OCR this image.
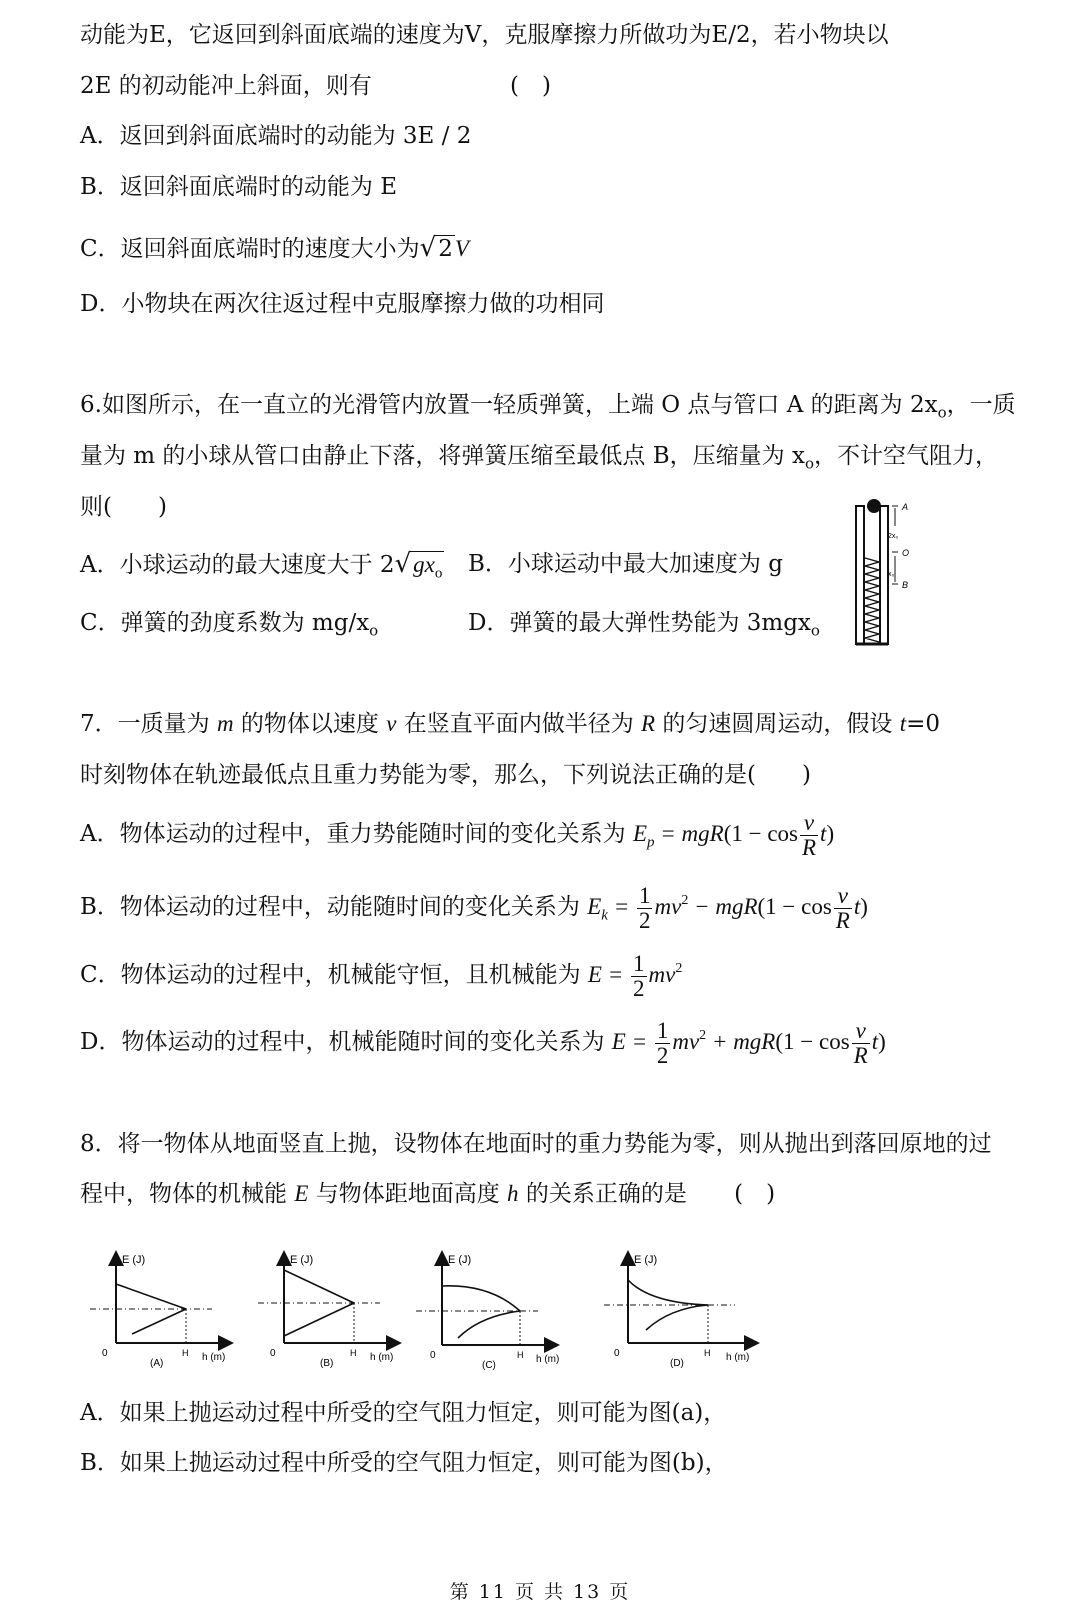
动能为E，它返回到斜面底端的速度为V，克服摩擦力所做功为E/2，若小物块以
2E 的初动能冲上斜面，则有	(　)
A．返回到斜面底端时的动能为 3E / 2
B．返回斜面底端时的动能为 E
C．返回斜面底端时的速度大小为√2V
D．小物块在两次往返过程中克服摩擦力做的功相同
6.如图所示，在一直立的光滑管内放置一轻质弹簧，上端 O 点与管口 A 的距离为 $2x_o$，一质
量为 m 的小球从管口由静止下落，将弹簧压缩至最低点 B，压缩量为 $x_o$，不计空气阻力，
则(　　)
A．小球运动的最大速度大于 $2√gx_o$ B．小球运动中最大加速度为 g
C．弹簧的劲度系数为 $mg/x_o$	D．弹簧的最大弹性势能为 3mgx$_o$
A
2x₀
O
x₀
B
7．一质量为 m 的物体以速度 v 在竖直平面内做半径为 R 的匀速圆周运动，假设 t=0
时刻物体在轨迹最低点且重力势能为零，那么，下列说法正确的是(　　)
A．物体运动的过程中，重力势能随时间的变化关系为 $E_p = mgR(1 - \cos \frac{v}{R} t)$
B．物体运动的过程中，动能随时间的变化关系为 $E_k = \frac{1}{2} mv^2 - mgR(1 - \cos \frac{v}{R} t)$
C．物体运动的过程中，机械能守恒，且机械能为 $E = \frac{1}{2} mv^2$
D．物体运动的过程中，机械能随时间的变化关系为 $E = \frac{1}{2} mv^2 + mgR(1 - \cos \frac{v}{R} t)$
8．将一物体从地面竖直上抛，设物体在地面时的重力势能为零，则从抛出到落回原地的过
程中，物体的机械能 E 与物体距地面高度 h 的关系正确的是 (　)
E (J)
0	H h (m)
(A)
E (J)
0	H h (m)
(B)
E (J)
0	H h (m)
(C)
E (J)
0	H h (m)
(D)
A．如果上抛运动过程中所受的空气阻力恒定，则可能为图(a)，
B．如果上抛运动过程中所受的空气阻力恒定，则可能为图(b)，
第 11 页 共 13 页
